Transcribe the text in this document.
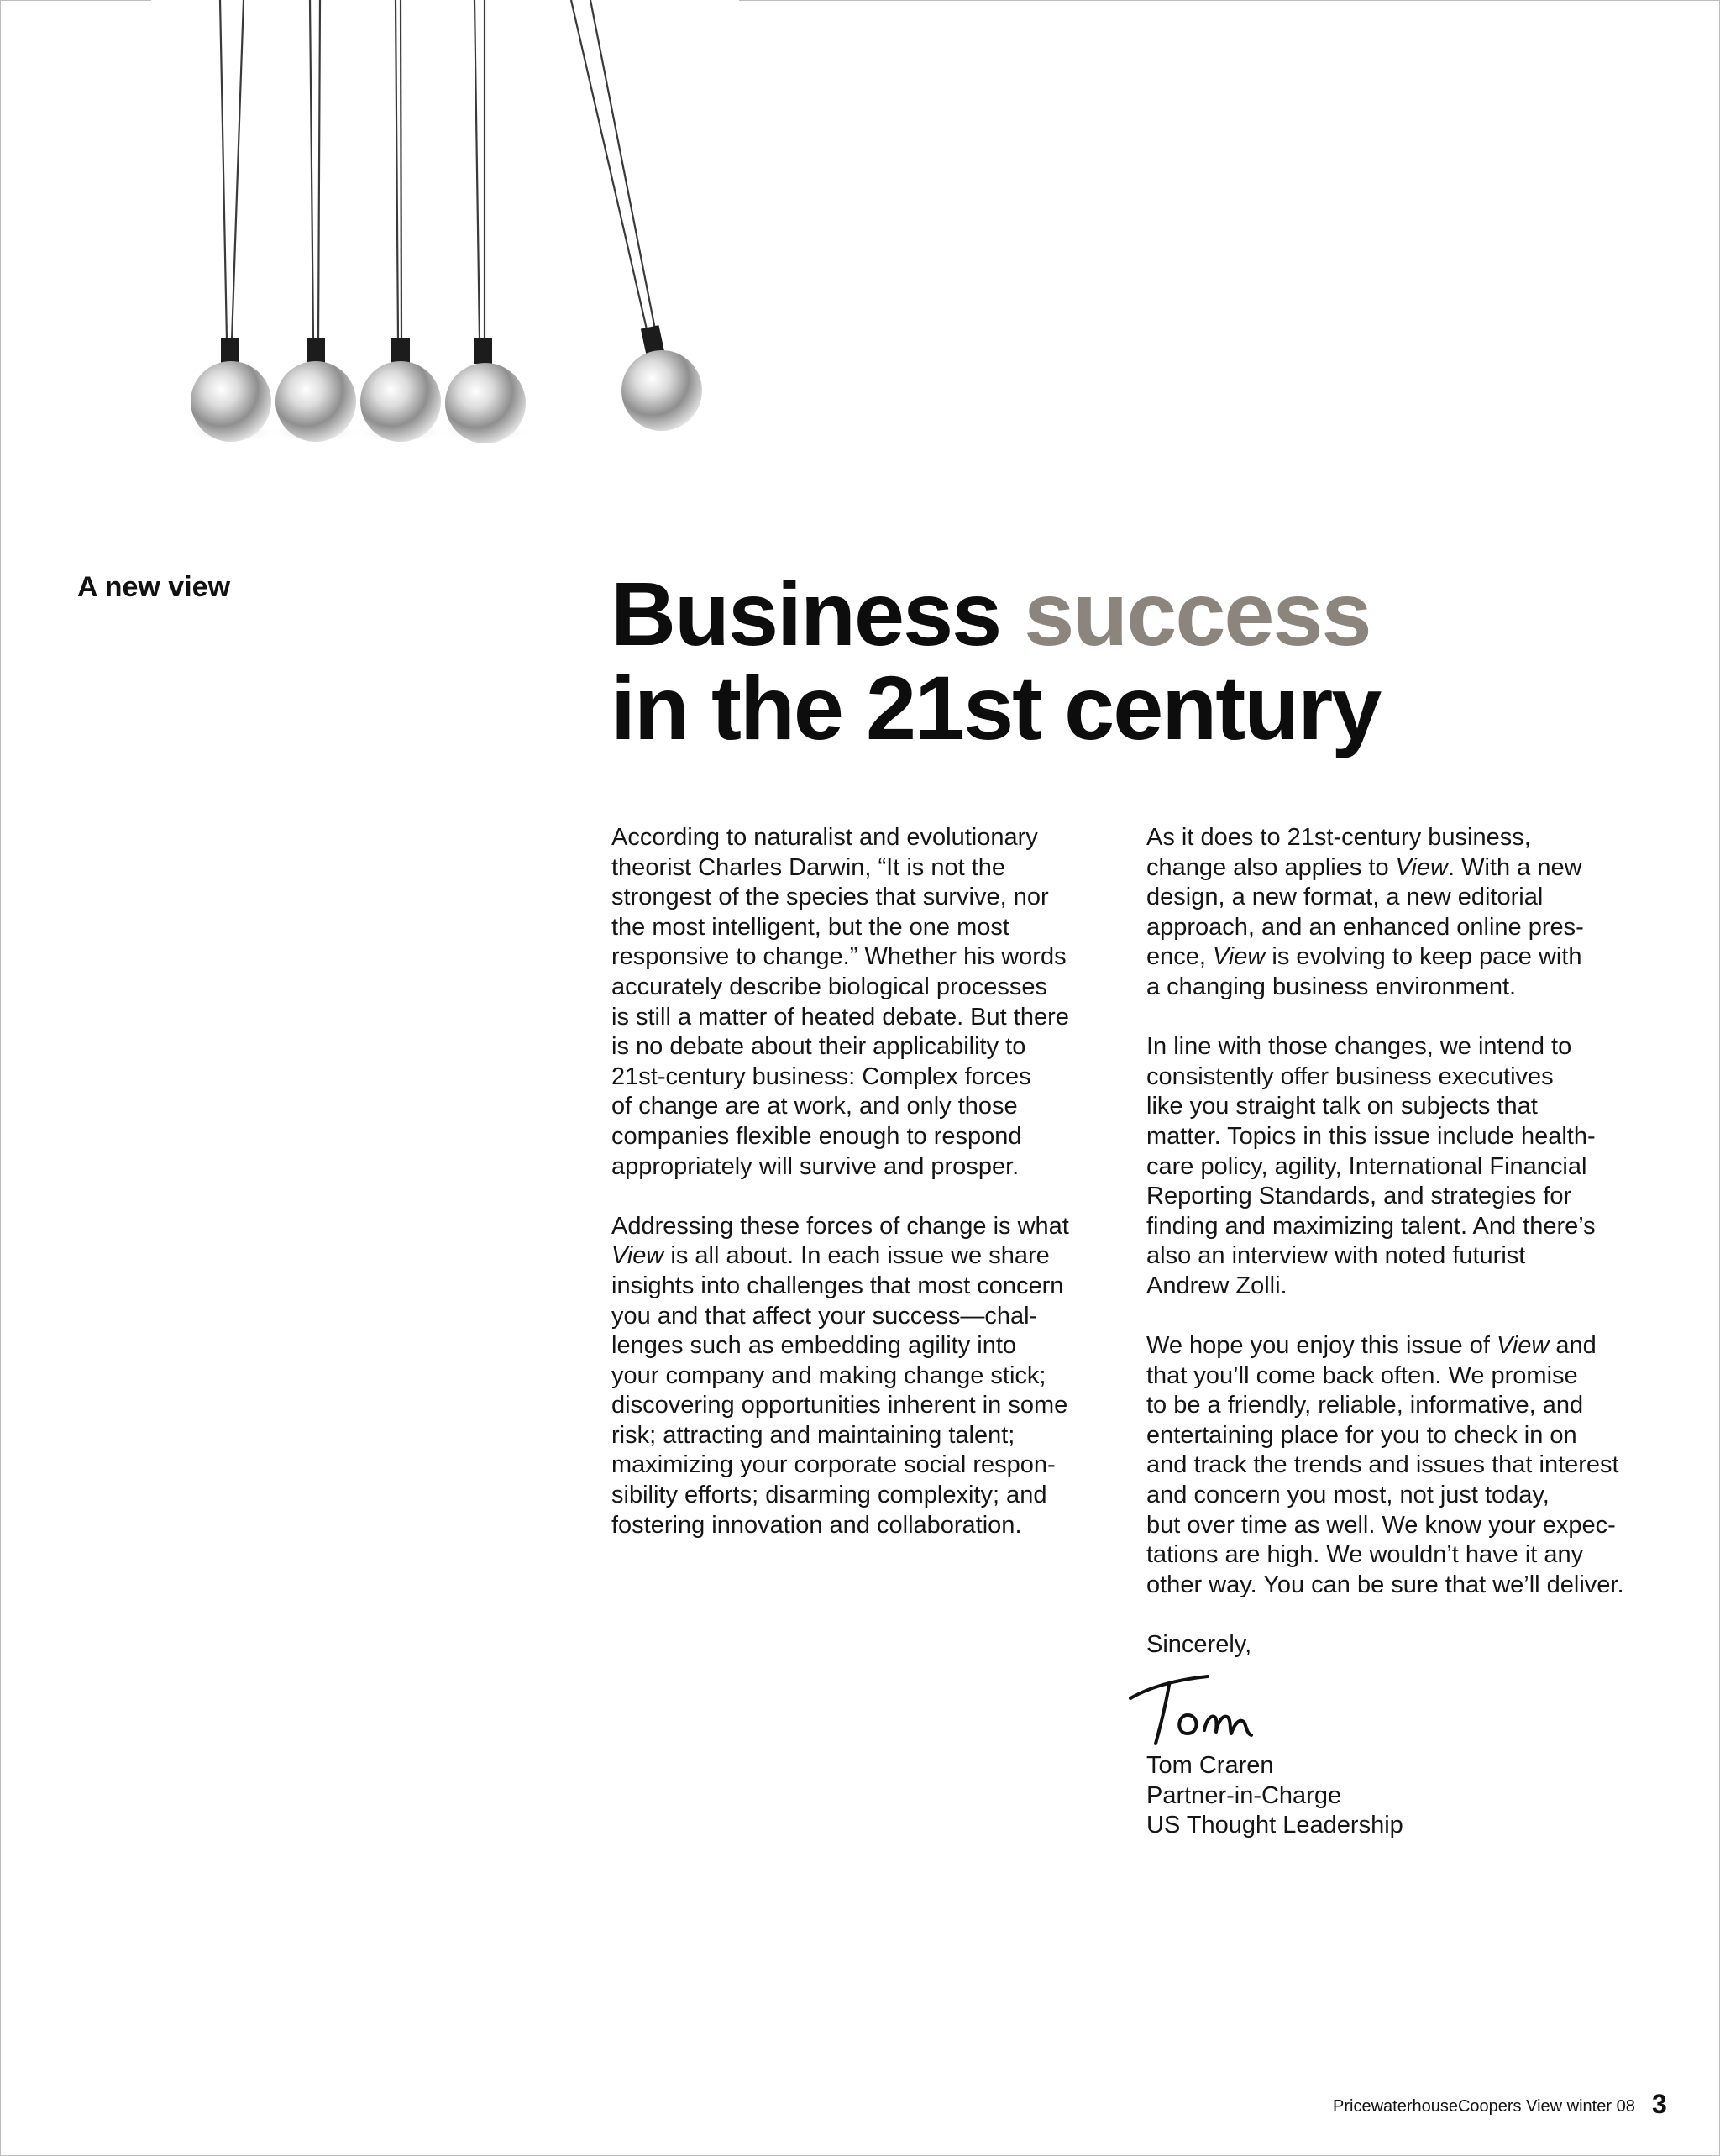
A new view	Business success
in the 21st century
According to naturalist and evolutionary
theorist Charles Darwin, “It is not the
strongest of the species that survive, nor
the most intelligent, but the one most
responsive to change.” Whether his words
accurately describe biological processes
is still a matter of heated debate. But there
is no debate about their applicability to
21st-century business: Complex forces
of change are at work, and only those
companies flexible enough to respond
appropriately will survive and prosper.
Addressing these forces of change is what
View is all about. In each issue we share
insights into challenges that most concern
you and that affect your success—chal-
lenges such as embedding agility into
your company and making change stick;
discovering opportunities inherent in some
risk; attracting and maintaining talent;
maximizing your corporate social respon-
sibility efforts; disarming complexity; and
fostering innovation and collaboration.
As it does to 21st-century business,
change also applies to View. With a new
design, a new format, a new editorial
approach, and an enhanced online pres-
ence, View is evolving to keep pace with
a changing business environment.
In line with those changes, we intend to
consistently offer business executives
like you straight talk on subjects that
matter. Topics in this issue include health-
care policy, agility, International Financial
Reporting Standards, and strategies for
finding and maximizing talent. And there’s
also an interview with noted futurist
Andrew Zolli.
We hope you enjoy this issue of View and
that you’ll come back often. We promise
to be a friendly, reliable, informative, and
entertaining place for you to check in on
and track the trends and issues that interest
and concern you most, not just today,
but over time as well. We know your expec-
tations are high. We wouldn’t have it any
other way. You can be sure that we’ll deliver.
Sincerely,
Tom Craren
Partner-in-Charge
US Thought Leadership
PricewaterhouseCoopers View winter 08 3
